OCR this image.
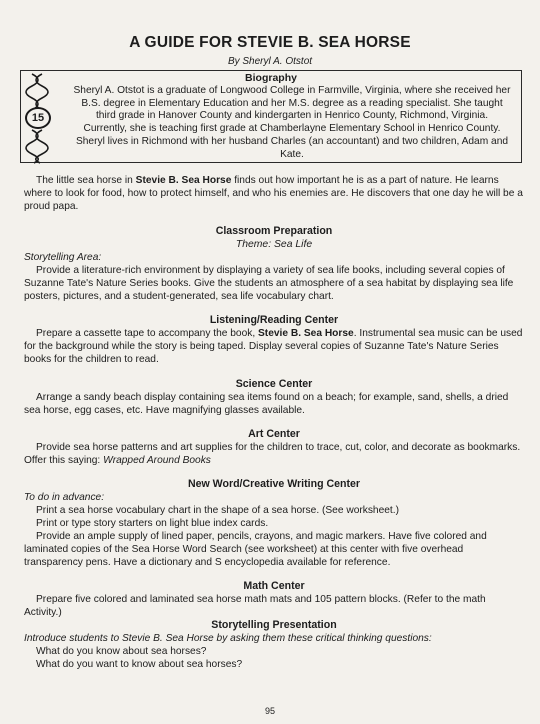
A GUIDE FOR STEVIE B. SEA HORSE
By Sheryl A. Otstot
Biography
Sheryl A. Otstot is a graduate of Longwood College in Farmville, Virginia, where she received her B.S. degree in Elementary Education and her M.S. degree as a reading specialist. She taught third grade in Hanover County and kindergarten in Henrico County, Richmond, Virginia. Currently, she is teaching first grade at Chamberlayne Elementary School in Henrico County. Sheryl lives in Richmond with her husband Charles (an accountant) and two children, Adam and Kate.
15
The little sea horse in Stevie B. Sea Horse finds out how important he is as a part of nature. He learns where to look for food, how to protect himself, and who his enemies are. He discovers that one day he will be a proud papa.
Classroom Preparation
Theme: Sea Life
Storytelling Area:
Provide a literature-rich environment by displaying a variety of sea life books, including several copies of Suzanne Tate's Nature Series books. Give the students an atmosphere of a sea habitat by displaying sea life posters, pictures, and a student-generated, sea life vocabulary chart.
Listening/Reading Center
Prepare a cassette tape to accompany the book, Stevie B. Sea Horse. Instrumental sea music can be used for the background while the story is being taped. Display several copies of Suzanne Tate's Nature Series books for the children to read.
Science Center
Arrange a sandy beach display containing sea items found on a beach; for example, sand, shells, a dried sea horse, egg cases, etc. Have magnifying glasses available.
Art Center
Provide sea horse patterns and art supplies for the children to trace, cut, color, and decorate as bookmarks. Offer this saying: Wrapped Around Books
New Word/Creative Writing Center
To do in advance:
Print a sea horse vocabulary chart in the shape of a sea horse. (See worksheet.)
Print or type story starters on light blue index cards.
Provide an ample supply of lined paper, pencils, crayons, and magic markers. Have five colored and laminated copies of the Sea Horse Word Search (see worksheet) at this center with five overhead transparency pens. Have a dictionary and S encyclopedia available for reference.
Math Center
Prepare five colored and laminated sea horse math mats and 105 pattern blocks. (Refer to the math Activity.)
Storytelling Presentation
Introduce students to Stevie B. Sea Horse by asking them these critical thinking questions:
What do you know about sea horses?
What do you want to know about sea horses?
95
